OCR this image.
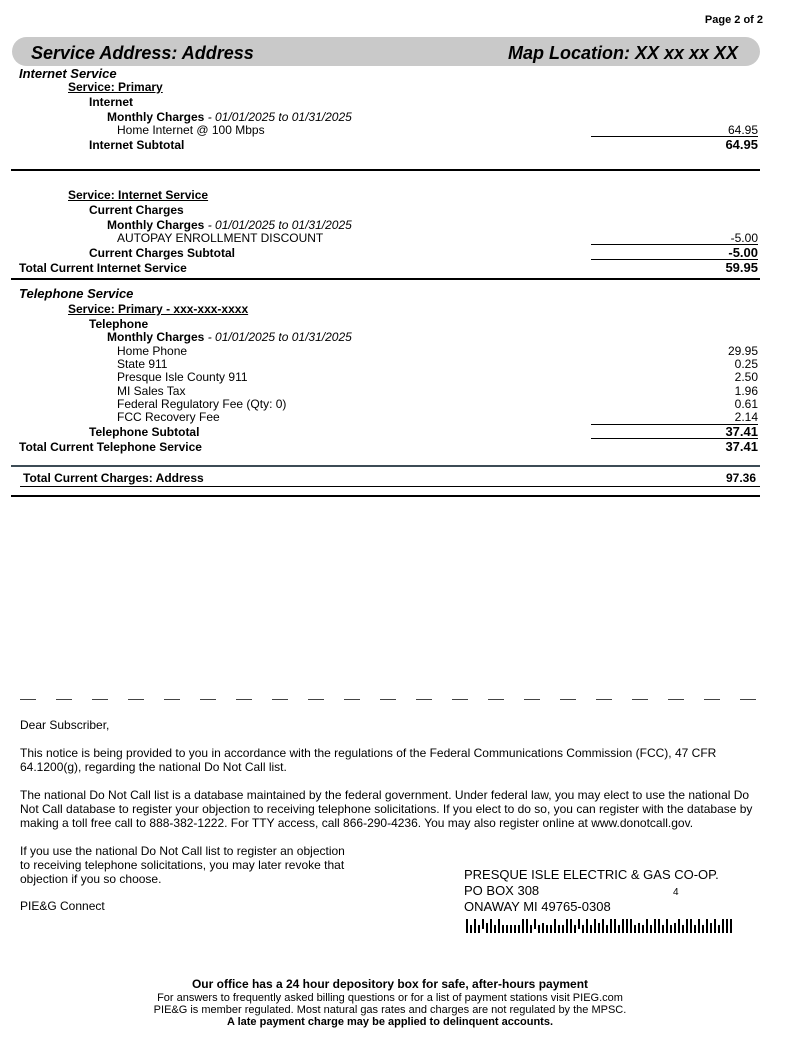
Page 2 of 2
Service Address: Address	Map Location: XX xx xx XX
Internet Service
Service: Primary
Internet
Monthly Charges - 01/01/2025 to 01/31/2025
Home Internet @ 100 Mbps	64.95
Internet Subtotal	64.95
Service: Internet Service
Current Charges
Monthly Charges - 01/01/2025 to 01/31/2025
AUTOPAY ENROLLMENT DISCOUNT	-5.00
Current Charges Subtotal	-5.00
Total Current Internet Service	59.95
Telephone Service
Service: Primary - xxx-xxx-xxxx
Telephone
Monthly Charges - 01/01/2025 to 01/31/2025
Home Phone	29.95
State 911	0.25
Presque Isle County 911	2.50
MI Sales Tax	1.96
Federal Regulatory Fee (Qty: 0)	0.61
FCC Recovery Fee	2.14
Telephone Subtotal	37.41
Total Current Telephone Service	37.41
Total Current Charges: Address	97.36
Dear Subscriber,
This notice is being provided to you in accordance with the regulations of the Federal Communications Commission (FCC), 47 CFR 64.1200(g), regarding the national Do Not Call list.
The national Do Not Call list is a database maintained by the federal government. Under federal law, you may elect to use the national Do Not Call database to register your objection to receiving telephone solicitations. If you elect to do so, you can register with the database by making a toll free call to 888-382-1222. For TTY access, call 866-290-4236. You may also register online at www.donotcall.gov.
If you use the national Do Not Call list to register an objection to receiving telephone solicitations, you may later revoke that objection if you so choose.
PIE&G Connect
PRESQUE ISLE ELECTRIC & GAS CO-OP.
PO BOX 308	4
ONAWAY MI 49765-0308
Our office has a 24 hour depository box for safe, after-hours payment
For answers to frequently asked billing questions or for a list of payment stations visit PIEG.com
PIE&G is member regulated. Most natural gas rates and charges are not regulated by the MPSC.
A late payment charge may be applied to delinquent accounts.
